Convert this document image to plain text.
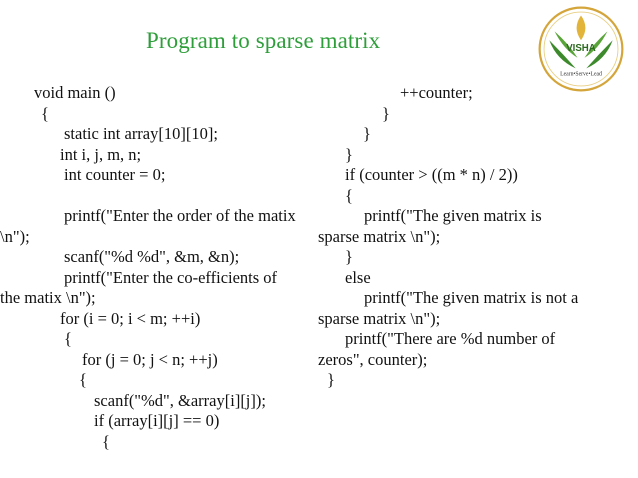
Program to sparse matrix	VISHA
Learn•Serve•Lead
void main ()
{
static int array[10][10];
int i, j, m, n;
int counter = 0;

printf("Enter the order of the matix
\n");
scanf("%d %d", &m, &n);
printf("Enter the co-efficients of
the matix \n");
for (i = 0; i < m; ++i)
{
for (j = 0; j < n; ++j)
{
scanf("%d", &array[i][j]);
if (array[i][j] == 0)
{
++counter;
}
}
}
if (counter > ((m * n) / 2))
{
printf("The given matrix is
sparse matrix \n");
}
else
printf("The given matrix is not a
sparse matrix \n");
printf("There are %d number of
zeros", counter);
}
